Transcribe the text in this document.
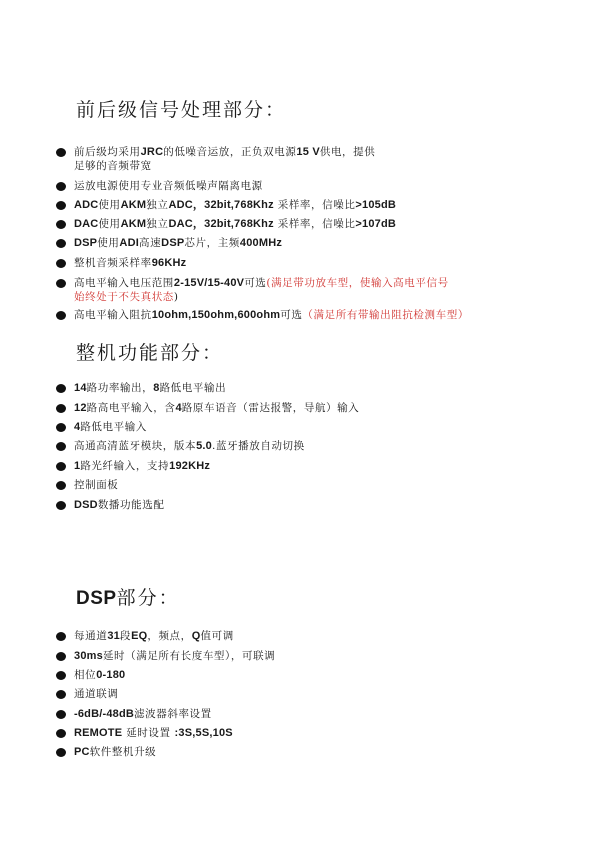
前后级信号处理部分：
前后级均采用JRC的低噪音运放，正负双电源15 V供电，提供
足够的音频带宽
运放电源使用专业音频低噪声隔离电源
ADC使用AKM独立ADC，32bit,768Khz 采样率，信噪比>105dB
DAC使用AKM独立DAC，32bit,768Khz 采样率，信噪比>107dB
DSP使用ADI高速DSP芯片，主频400MHz
整机音频采样率96KHz
高电平输入电压范围2-15V/15-40V可选(满足带功放车型，使输入高电平信号
始终处于不失真状态)
高电平输入阻抗10ohm,150ohm,600ohm可选（满足所有带输出阻抗检测车型）
整机功能部分：
14路功率输出，8路低电平输出
12路高电平输入，含4路原车语音（雷达报警，导航）输入
4路低电平输入
高通高清蓝牙模块，版本5.0.蓝牙播放自动切换
1路光纤输入，支持192KHz
控制面板
DSD数播功能选配
DSP部分：
每通道31段EQ，频点，Q值可调
30ms延时（满足所有长度车型），可联调
相位0-180
通道联调
-6dB/-48dB滤波器斜率设置
REMOTE 延时设置 :3S,5S,10S
PC软件整机升级
